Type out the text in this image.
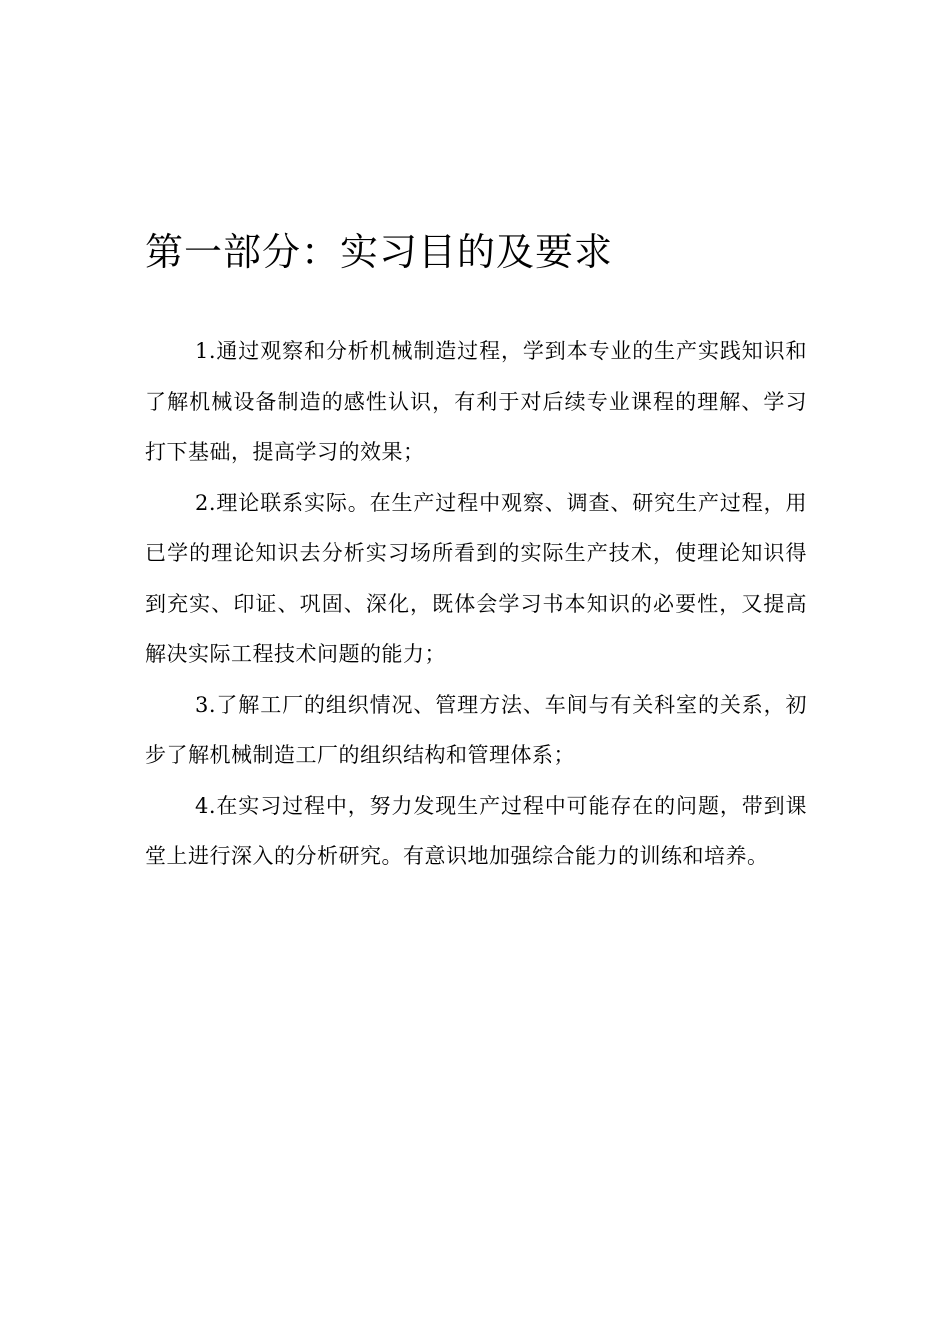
第一部分：实习目的及要求

1.通过观察和分析机械制造过程，学到本专业的生产实践知识和了解机械设备制造的感性认识，有利于对后续专业课程的理解、学习打下基础，提高学习的效果；

2.理论联系实际。在生产过程中观察、调查、研究生产过程，用已学的理论知识去分析实习场所看到的实际生产技术，使理论知识得到充实、印证、巩固、深化，既体会学习书本知识的必要性，又提高解决实际工程技术问题的能力；

3.了解工厂的组织情况、管理方法、车间与有关科室的关系，初步了解机械制造工厂的组织结构和管理体系；

4.在实习过程中，努力发现生产过程中可能存在的问题，带到课堂上进行深入的分析研究。有意识地加强综合能力的训练和培养。
